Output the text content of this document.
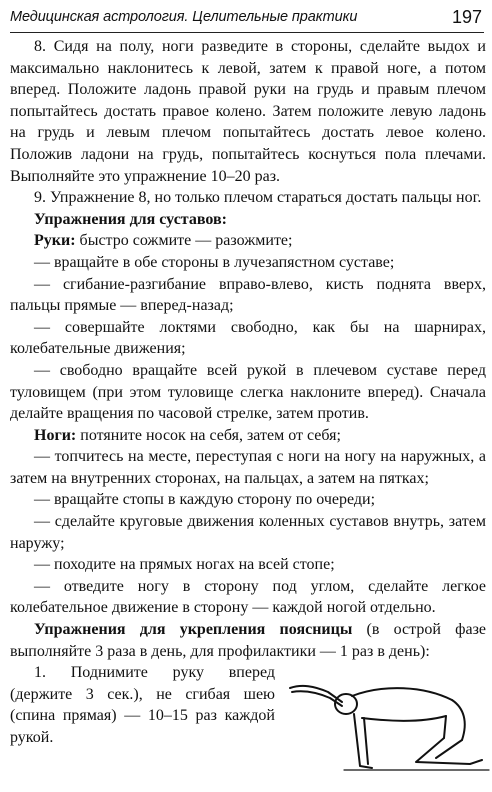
Медицинская астрология. Целительные практики	197

8. Сидя на полу, ноги разведите в стороны, сделайте выдох и максимально наклонитесь к левой, затем к правой ноге, а потом вперед. Положите ладонь правой руки на грудь и правым плечом попытайтесь достать правое колено. Затем положите левую ладонь на грудь и левым плечом попытайтесь достать левое колено. Положив ладони на грудь, попытайтесь коснуться пола плечами. Выполняйте это упражнение 10–20 раз.

9. Упражнение 8, но только плечом стараться достать пальцы ног.

Упражнения для суставов:

Руки: быстро сожмите — разожмите;

— вращайте в обе стороны в лучезапястном суставе;

— сгибание-разгибание вправо-влево, кисть поднята вверх, пальцы прямые — вперед-назад;

— совершайте локтями свободно, как бы на шарнирах, колебательные движения;

— свободно вращайте всей рукой в плечевом суставе перед туловищем (при этом туловище слегка наклоните вперед). Сначала делайте вращения по часовой стрелке, затем против.

Ноги: потяните носок на себя, затем от себя;

— топчитесь на месте, переступая с ноги на ногу на наружных, а затем на внутренних сторонах, на пальцах, а затем на пятках;

— вращайте стопы в каждую сторону по очереди;

— сделайте круговые движения коленных суставов внутрь, затем наружу;

— походите на прямых ногах на всей стопе;

— отведите ногу в сторону под углом, сделайте легкое колебательное движение в сторону — каждой ногой отдельно.

Упражнения для укрепления поясницы (в острой фазе выполняйте 3 раза в день, для профилактики — 1 раз в день):

1. Поднимите руку вперед (держите 3 сек.), не сгибая шею (спина прямая) — 10–15 раз каждой рукой.
